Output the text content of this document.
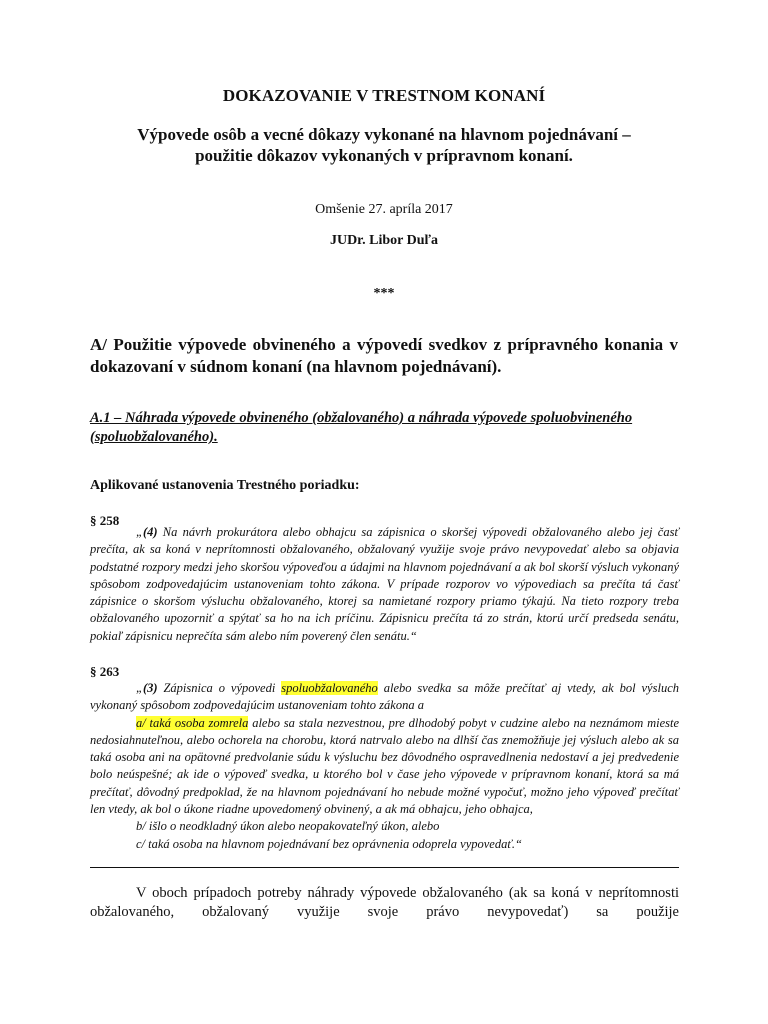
DOKAZOVANIE V TRESTNOM KONANÍ
Výpovede osôb a vecné dôkazy vykonané na hlavnom pojednávaní –
použitie dôkazov vykonaných v prípravnom konaní.
Omšenie 27. apríla 2017
JUDr. Libor Duľa
***
A/ Použitie výpovede obvineného a výpovedí svedkov z prípravného konania v dokazovaní v súdnom konaní (na hlavnom pojednávaní).
A.1 – Náhrada výpovede obvineného (obžalovaného) a náhrada výpovede spoluobvineného (spoluobžalovaného).
Aplikované ustanovenia Trestného poriadku:
§ 258

„(4) Na návrh prokurátora alebo obhajcu sa zápisnica o skoršej výpovedi obžalovaného alebo jej časť prečíta, ak sa koná v neprítomnosti obžalovaného, obžalovaný využije svoje právo nevypovedať alebo sa objavia podstatné rozpory medzi jeho skoršou výpoveďou a údajmi na hlavnom pojednávaní a ak bol skorší výsluch vykonaný spôsobom zodpovedajúcim ustanoveniam tohto zákona. V prípade rozporov vo výpovediach sa prečíta tá časť zápisnice o skoršom výsluchu obžalovaného, ktorej sa namietané rozpory priamo týkajú. Na tieto rozpory treba obžalovaného upozorniť a spýtať sa ho na ich príčinu. Zápisnicu prečíta tá zo strán, ktorú určí predseda senátu, pokiaľ zápisnicu neprečíta sám alebo ním poverený člen senátu.“

§ 263

„(3) Zápisnica o výpovedi spoluobžalovaného alebo svedka sa môže prečítať aj vtedy, ak bol výsluch vykonaný spôsobom zodpovedajúcim ustanoveniam tohto zákona a

a/ taká osoba zomrela alebo sa stala nezvestnou, pre dlhodobý pobyt v cudzine alebo na neznámom mieste nedosiahnuteľnou, alebo ochorela na chorobu, ktorá natrvalo alebo na dlhší čas znemožňuje jej výsluch alebo ak sa taká osoba ani na opätovné predvolanie súdu k výsluchu bez dôvodného ospravedlnenia nedostaví a jej predvedenie bolo neúspešné; ak ide o výpoveď svedka, u ktorého bol v čase jeho výpovede v prípravnom konaní, ktorá sa má prečítať, dôvodný predpoklad, že na hlavnom pojednávaní ho nebude možné vypočuť, možno jeho výpoveď prečítať len vtedy, ak bol o úkone riadne upovedomený obvinený, a ak má obhajcu, jeho obhajca,

b/ išlo o neodkladný úkon alebo neopakovateľný úkon, alebo

c/ taká osoba na hlavnom pojednávaní bez oprávnenia odoprela vypovedať.“

V oboch prípadoch potreby náhrady výpovede obžalovaného (ak sa koná v neprítomnosti obžalovaného, obžalovaný využije svoje právo nevypovedať) sa použije
